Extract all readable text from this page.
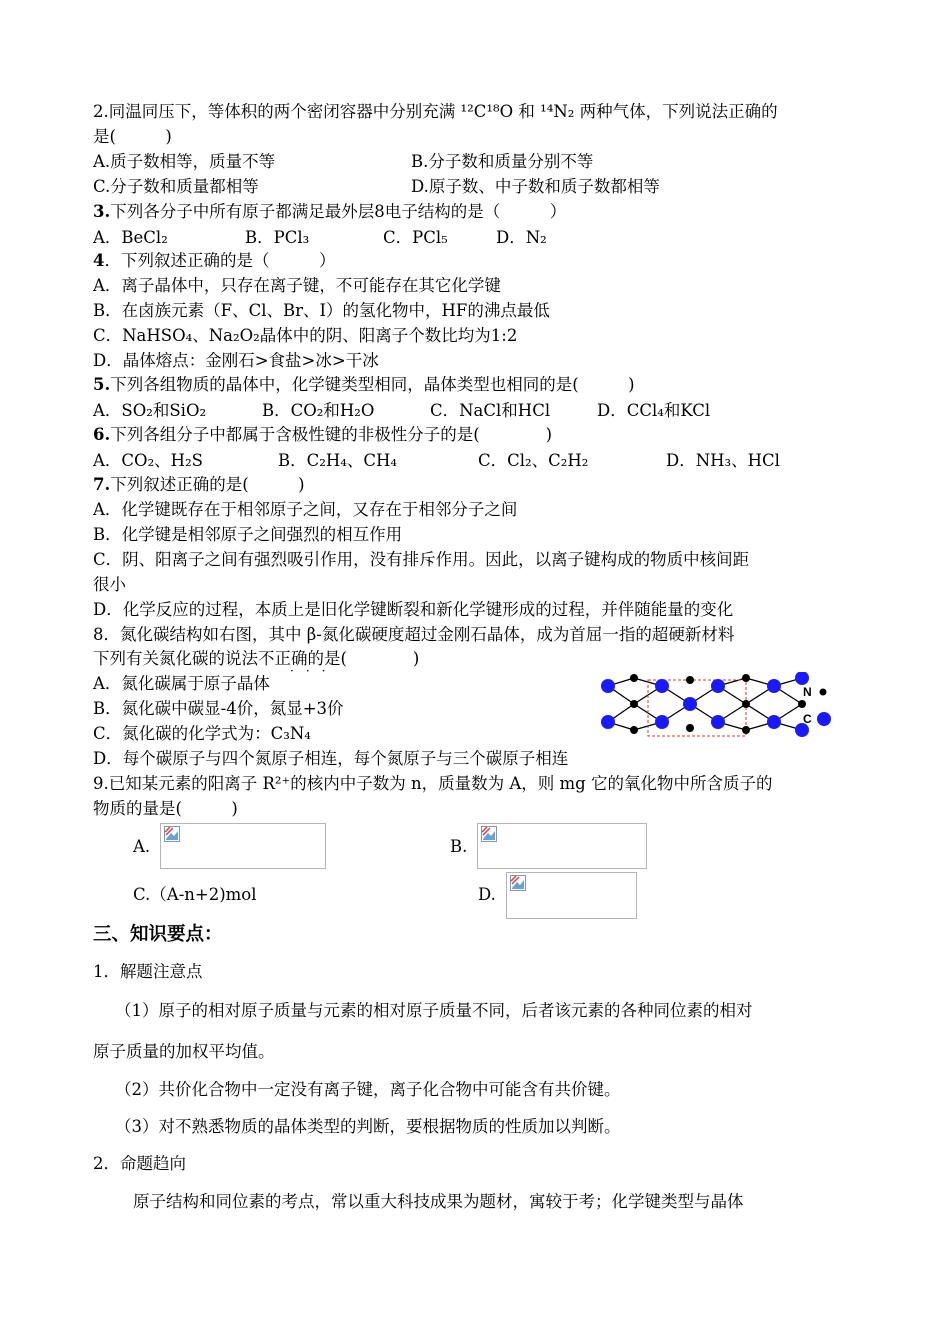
2.同温同压下，等体积的两个密闭容器中分别充满 ¹²C¹⁸O 和 ¹⁴N₂ 两种气体，下列说法正确的
是(　　　)
A.质子数相等，质量不等	B.分子数和质量分别不等
C.分子数和质量都相等	D.原子数、中子数和质子数都相等
3.下列各分子中所有原子都满足最外层8电子结构的是（　　　）
A．BeCl₂	B．PCl₃	C．PCl₅	D．N₂
4．下列叙述正确的是（　　　）
A．离子晶体中，只存在离子键，不可能存在其它化学键
B．在卤族元素（F、Cl、Br、I）的氢化物中，HF的沸点最低
C．NaHSO₄、Na₂O₂晶体中的阴、阳离子个数比均为1:2
D．晶体熔点：金刚石>食盐>冰>干冰
5.下列各组物质的晶体中，化学键类型相同，晶体类型也相同的是(　　　)
A．SO₂和SiO₂	B．CO₂和H₂O	C．NaCl和HCl	D．CCl₄和KCl
6.下列各组分子中都属于含极性键的非极性分子的是(　　　　)
A．CO₂、H₂S	B．C₂H₄、CH₄	C．Cl₂、C₂H₂	D．NH₃、HCl
7.下列叙述正确的是(　　　)
A．化学键既存在于相邻原子之间，又存在于相邻分子之间
B．化学键是相邻原子之间强烈的相互作用
C．阴、阳离子之间有强烈吸引作用，没有排斥作用。因此，以离子键构成的物质中核间距
很小
D．化学反应的过程，本质上是旧化学键断裂和新化学键形成的过程，并伴随能量的变化
8．氮化碳结构如右图，其中 β-氮化碳硬度超过金刚石晶体，成为首屈一指的超硬新材料
下列有关氮化碳的说法不正确的是(　　　　)
···
A．氮化碳属于原子晶体
B．氮化碳中碳显-4价，氮显+3价
C．氮化碳的化学式为：C₃N₄
D．每个碳原子与四个氮原子相连，每个氮原子与三个碳原子相连
N
C
9.已知某元素的阳离子 R²⁺的核内中子数为 n，质量数为 A，则 mg 它的氧化物中所含质子的
物质的量是(　　　)
A.	B.
C.（A-n+2)mol	D.
三、知识要点：
1．解题注意点
（1）原子的相对原子质量与元素的相对原子质量不同，后者该元素的各种同位素的相对
原子质量的加权平均值。
（2）共价化合物中一定没有离子键，离子化合物中可能含有共价键。
（3）对不熟悉物质的晶体类型的判断，要根据物质的性质加以判断。
2．命题趋向
原子结构和同位素的考点，常以重大科技成果为题材，寓较于考；化学键类型与晶体
